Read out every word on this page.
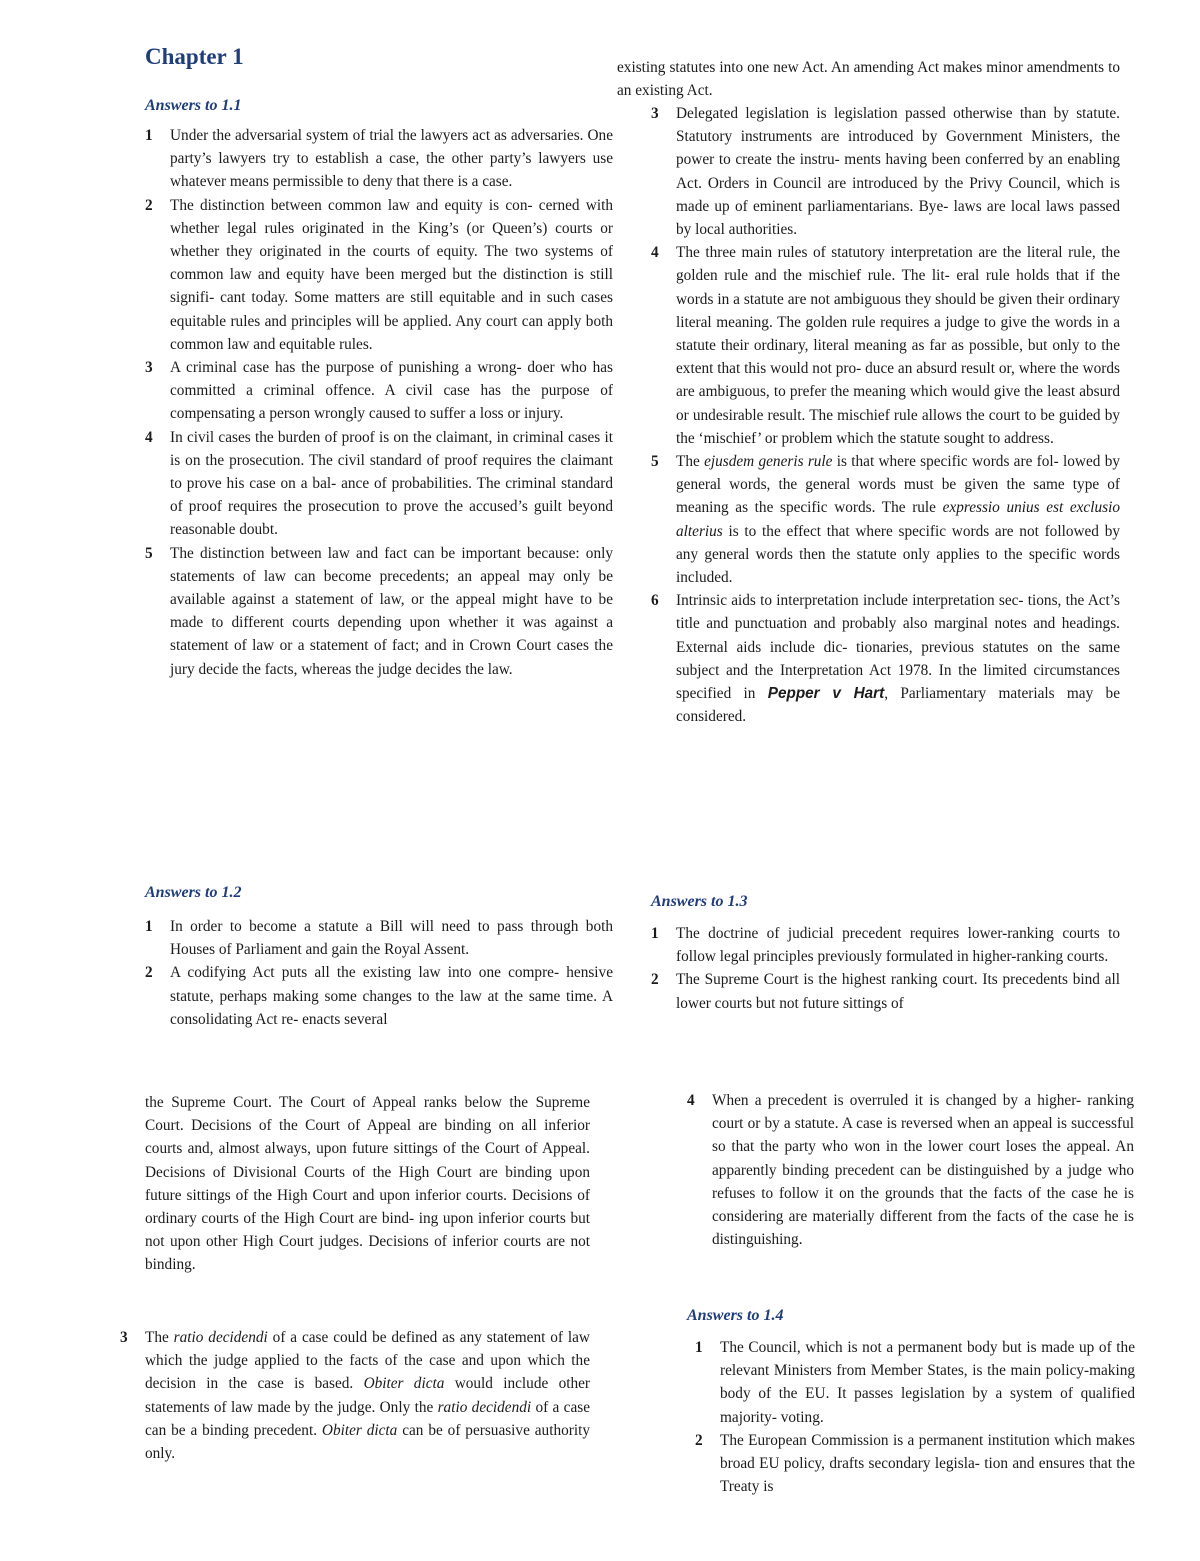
Chapter 1
Answers to 1.1
1 Under the adversarial system of trial the lawyers act as adversaries. One party’s lawyers try to establish a case, the other party’s lawyers use whatever means permissible to deny that there is a case.
2 The distinction between common law and equity is con- cerned with whether legal rules originated in the King’s (or Queen’s) courts or whether they originated in the courts of equity. The two systems of common law and equity have been merged but the distinction is still signifi- cant today. Some matters are still equitable and in such cases equitable rules and principles will be applied. Any court can apply both common law and equitable rules.
3 A criminal case has the purpose of punishing a wrong- doer who has committed a criminal offence. A civil case has the purpose of compensating a person wrongly caused to suffer a loss or injury.
4 In civil cases the burden of proof is on the claimant, in criminal cases it is on the prosecution. The civil standard of proof requires the claimant to prove his case on a bal- ance of probabilities. The criminal standard of proof requires the prosecution to prove the accused’s guilt beyond reasonable doubt.
5 The distinction between law and fact can be important because: only statements of law can become precedents; an appeal may only be available against a statement of law, or the appeal might have to be made to different courts depending upon whether it was against a statement of law or a statement of fact; and in Crown Court cases the jury decide the facts, whereas the judge decides the law.
Answers to 1.2
1 In order to become a statute a Bill will need to pass through both Houses of Parliament and gain the Royal Assent.
2 A codifying Act puts all the existing law into one compre- hensive statute, perhaps making some changes to the law at the same time. A consolidating Act re- enacts several

the Supreme Court. The Court of Appeal ranks below the Supreme Court. Decisions of the Court of Appeal are binding on all inferior courts and, almost always, upon future sittings of the Court of Appeal. Decisions of Divisional Courts of the High Court are binding upon future sittings of the High Court and upon inferior courts. Decisions of ordinary courts of the High Court are bind- ing upon inferior courts but not upon other High Court judges. Decisions of inferior courts are not binding.

3 The ratio decidendi of a case could be defined as any statement of law which the judge applied to the facts of the case and upon which the decision in the case is based. Obiter dicta would include other statements of law made by the judge. Only the ratio decidendi of a case can be a binding precedent. Obiter dicta can be of persuasive authority only.

existing statutes into one new Act. An amending Act makes minor amendments to an existing Act.

3 Delegated legislation is legislation passed otherwise than by statute. Statutory instruments are introduced by Government Ministers, the power to create the instru- ments having been conferred by an enabling Act. Orders in Council are introduced by the Privy Council, which is made up of eminent parliamentarians. Bye- laws are local laws passed by local authorities.
4 The three main rules of statutory interpretation are the literal rule, the golden rule and the mischief rule. The lit- eral rule holds that if the words in a statute are not ambiguous they should be given their ordinary literal meaning. The golden rule requires a judge to give the words in a statute their ordinary, literal meaning as far as possible, but only to the extent that this would not pro- duce an absurd result or, where the words are ambiguous, to prefer the meaning which would give the least absurd or undesirable result. The mischief rule allows the court to be guided by the ‘mischief’ or problem which the statute sought to address.
5 The ejusdem generis rule is that where specific words are fol- lowed by general words, the general words must be given the same type of meaning as the specific words. The rule expressio unius est exclusio alterius is to the effect that where specific words are not followed by any general words then the statute only applies to the specific words included.
6 Intrinsic aids to interpretation include interpretation sec- tions, the Act’s title and punctuation and probably also marginal notes and headings. External aids include dic- tionaries, previous statutes on the same subject and the Interpretation Act 1978. In the limited circumstances specified in Pepper v Hart, Parliamentary materials may be considered.
Answers to 1.3
1 The doctrine of judicial precedent requires lower-ranking courts to follow legal principles previously formulated in higher-ranking courts.
2 The Supreme Court is the highest ranking court. Its precedents bind all lower courts but not future sittings of
4 When a precedent is overruled it is changed by a higher- ranking court or by a statute. A case is reversed when an appeal is successful so that the party who won in the lower court loses the appeal. An apparently binding precedent can be distinguished by a judge who refuses to follow it on the grounds that the facts of the case he is considering are materially different from the facts of the case he is distinguishing.
Answers to 1.4
1 The Council, which is not a permanent body but is made up of the relevant Ministers from Member States, is the main policy-making body of the EU. It passes legislation by a system of qualified majority- voting.
2 The European Commission is a permanent institution which makes broad EU policy, drafts secondary legisla- tion and ensures that the Treaty is
